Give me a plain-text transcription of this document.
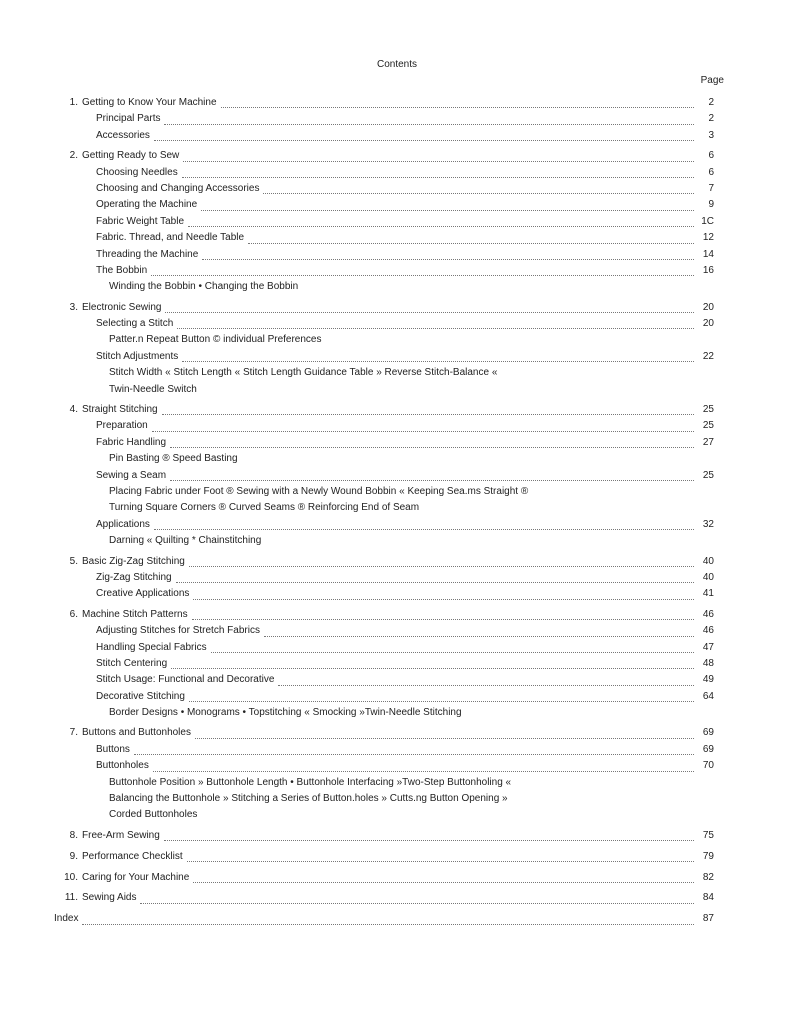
Contents
Page
1. Getting to Know Your Machine	2
Principal Parts	2
Accessories	3
2. Getting Ready to Sew	6
Choosing Needles	6
Choosing and Changing Accessories	7
Operating the Machine	9
Fabric Weight Table	1C
Fabric. Thread, and Needle Table	12
Threading the Machine	14
The Bobbin	16
Winding the Bobbin • Changing the Bobbin
3. Electronic Sewing	20
Selecting a Stitch	20
Patter.n Repeat Button © individual Preferences
Stitch Adjustments	22
Stitch Width « Stitch Length « Stitch Length Guidance Table » Reverse Stitch-Balance «
Twin-Needle Switch
4. Straight Stitching	25
Preparation	25
Fabric Handling	27
Pin Basting ® Speed Basting
Sewing a Seam	25
Placing Fabric under Foot ® Sewing with a Newly Wound Bobbin « Keeping Sea.ms Straight ®
Turning Square Corners ® Curved Seams ® Reinforcing End of Seam
Applications	32
Darning « Quilting * Chainstitching
5. Basic Zig-Zag Stitching	40
Zig-Zag Stitching	40
Creative Applications	41
6. Machine Stitch Patterns	46
Adjusting Stitches for Stretch Fabrics	46
Handling Special Fabrics	47
Stitch Centering	48
Stitch Usage: Functional and Decorative	49
Decorative Stitching	64
Border Designs • Monograms • Topstitching « Smocking »Twin-Needle Stitching
7. Buttons and Buttonholes	69
Buttons	69
Buttonholes	70
Buttonhole Position » Buttonhole Length • Buttonhole Interfacing »Two-Step Buttonholing «
Balancing the Buttonhole » Stitching a Series of Button.holes » Cutts.ng Button Opening »
Corded Buttonholes
8. Free-Arm Sewing	75
9. Performance Checklist	79
10. Caring for Your Machine	82
11. Sewing Aids	84
Index	87
